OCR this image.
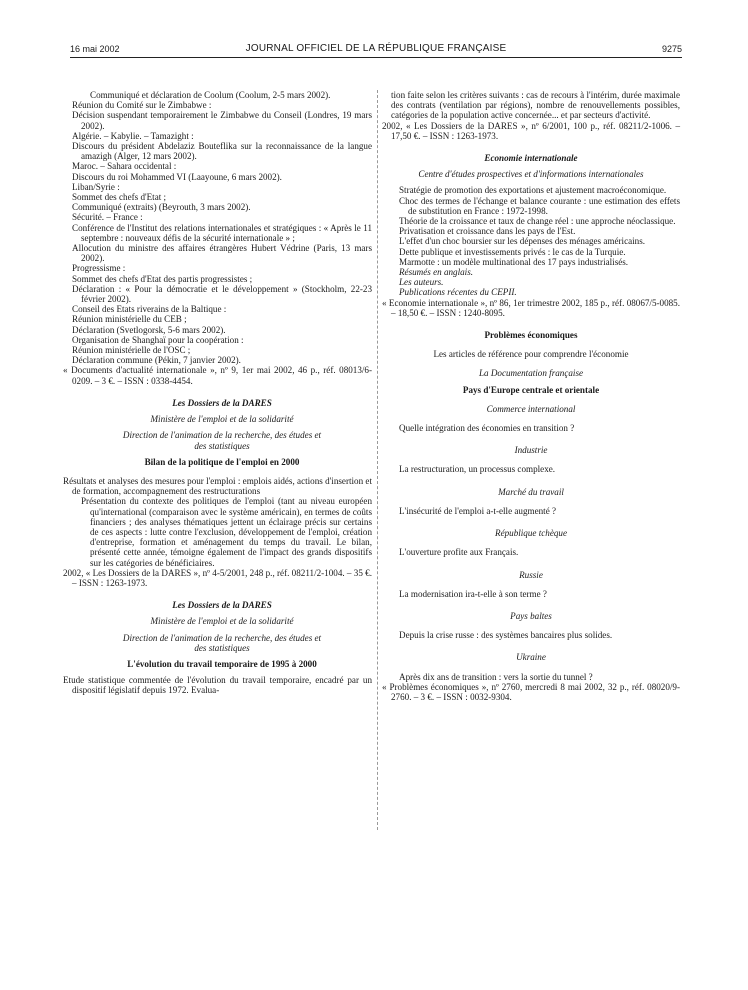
16 mai 2002	JOURNAL OFFICIEL DE LA RÉPUBLIQUE FRANÇAISE	9275

Communiqué et déclaration de Coolum (Coolum, 2-5 mars 2002).

Réunion du Comité sur le Zimbabwe :

Décision suspendant temporairement le Zimbabwe du Conseil (Londres, 19 mars 2002).

Algérie. – Kabylie. – Tamazight :

Discours du président Abdelaziz Bouteflika sur la reconnaissance de la langue amazigh (Alger, 12 mars 2002).

Maroc. – Sahara occidental :

Discours du roi Mohammed VI (Laayoune, 6 mars 2002).

Liban/Syrie :

Sommet des chefs d'Etat ;

Communiqué (extraits) (Beyrouth, 3 mars 2002).

Sécurité. – France :

Conférence de l'Institut des relations internationales et stratégiques : « Après le 11 septembre : nouveaux défis de la sécurité internationale » ;

Allocution du ministre des affaires étrangères Hubert Védrine (Paris, 13 mars 2002).

Progressisme :

Sommet des chefs d'Etat des partis progressistes ;

Déclaration : « Pour la démocratie et le développement » (Stockholm, 22-23 février 2002).

Conseil des Etats riverains de la Baltique :

Réunion ministérielle du CEB ;

Déclaration (Svetlogorsk, 5-6 mars 2002).

Organisation de Shanghaï pour la coopération :

Réunion ministérielle de l'OSC ;

Déclaration commune (Pékin, 7 janvier 2002).

« Documents d'actualité internationale », nº 9, 1er mai 2002, 46 p., réf. 08013/6-0209. – 3 €. – ISSN : 0338-4454.

Les Dossiers de la DARES

Ministère de l'emploi et de la solidarité

Direction de l'animation de la recherche, des études et des statistiques

Bilan de la politique de l'emploi en 2000

Résultats et analyses des mesures pour l'emploi : emplois aidés, actions d'insertion et de formation, accompagnement des restructurations

Présentation du contexte des politiques de l'emploi (tant au niveau européen qu'international (comparaison avec le système américain), en termes de coûts financiers ; des analyses thématiques jettent un éclairage précis sur certains de ces aspects : lutte contre l'exclusion, développement de l'emploi, création d'entreprise, formation et aménagement du temps du travail. Le bilan, présenté cette année, témoigne également de l'impact des grands dispositifs sur les catégories de bénéficiaires.

2002, « Les Dossiers de la DARES », nº 4-5/2001, 248 p., réf. 08211/2-1004. – 35 €. – ISSN : 1263-1973.

Les Dossiers de la DARES

Ministère de l'emploi et de la solidarité

Direction de l'animation de la recherche, des études et des statistiques

L'évolution du travail temporaire de 1995 à 2000

Etude statistique commentée de l'évolution du travail temporaire, encadré par un dispositif législatif depuis 1972. Evalua-

tion faite selon les critères suivants : cas de recours à l'intérim, durée maximale des contrats (ventilation par régions), nombre de renouvellements possibles, catégories de la population active concernée... et par secteurs d'activité.

2002, « Les Dossiers de la DARES », nº 6/2001, 100 p., réf. 08211/2-1006. – 17,50 €. – ISSN : 1263-1973.

Economie internationale

Centre d'études prospectives et d'informations internationales

Stratégie de promotion des exportations et ajustement macroéconomique.

Choc des termes de l'échange et balance courante : une estimation des effets de substitution en France : 1972-1998.

Théorie de la croissance et taux de change réel : une approche néoclassique.

Privatisation et croissance dans les pays de l'Est.

L'effet d'un choc boursier sur les dépenses des ménages américains.

Dette publique et investissements privés : le cas de la Turquie.

Marmotte : un modèle multinational des 17 pays industrialisés.

Résumés en anglais.

Les auteurs.

Publications récentes du CEPII.

« Economie internationale », nº 86, 1er trimestre 2002, 185 p., réf. 08067/5-0085. – 18,50 €. – ISSN : 1240-8095.

Problèmes économiques

Les articles de référence pour comprendre l'économie

La Documentation française

Pays d'Europe centrale et orientale

Commerce international

Quelle intégration des économies en transition ?

Industrie

La restructuration, un processus complexe.

Marché du travail

L'insécurité de l'emploi a-t-elle augmenté ?

République tchèque

L'ouverture profite aux Français.

Russie

La modernisation ira-t-elle à son terme ?

Pays baltes

Depuis la crise russe : des systèmes bancaires plus solides.

Ukraine

Après dix ans de transition : vers la sortie du tunnel ?

« Problèmes économiques », nº 2760, mercredi 8 mai 2002, 32 p., réf. 08020/9-2760. – 3 €. – ISSN : 0032-9304.
